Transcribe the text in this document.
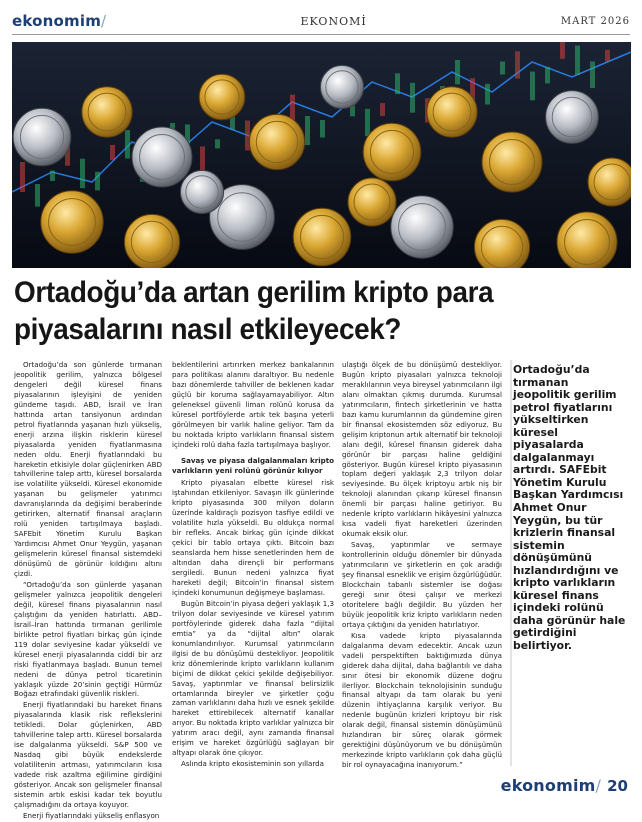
ekonomim/	EKONOMİ	MART 2026
Ortadoğu’da artan gerilim kripto para
piyasalarını nasıl etkileyecek?

Ortadoğu’da son günlerde tırmanan jeopolitik gerilim, yalnızca bölgesel dengeleri değil küresel finans piyasalarının işleyişini de yeniden gündeme taşıdı. ABD, İsrail ve İran hattında artan tansiyonun ardından petrol fiyatlarında yaşanan hızlı yükseliş, enerji arzına ilişkin risklerin küresel piyasalarda yeniden fiyatlanmasına neden oldu. Enerji fiyatlarındaki bu hareketin etkisiyle dolar güçlenirken ABD tahvillerine talep arttı, küresel borsalarda ise volatilite yükseldi. Küresel ekonomide yaşanan bu gelişmeler yatırımcı davranışlarında da değişimi beraberinde getirirken, alternatif finansal araçların rolü yeniden tartışılmaya başladı. SAFEbit Yönetim Kurulu Başkan Yardımcısı Ahmet Onur Yeygün, yaşanan gelişmelerin küresel finansal sistemdeki dönüşümü de görünür kıldığını altını çizdi.

“Ortadoğu’da son günlerde yaşanan gelişmeler yalnızca jeopolitik dengeleri değil, küresel finans piyasalarının nasıl çalıştığını da yeniden hatırlattı. ABD–İsrail–İran hattında tırmanan gerilimle birlikte petrol fiyatları birkaç gün içinde 119 dolar seviyesine kadar yükseldi ve küresel enerji piyasalarında ciddi bir arz riski fiyatlanmaya başladı. Bunun temel nedeni de dünya petrol ticaretinin yaklaşık yüzde 20’sinin geçtiği Hürmüz Boğazı etrafındaki güvenlik riskleri.

Enerji fiyatlarındaki bu hareket finans piyasalarında klasik risk reflekslerini tetikledi. Dolar güçlenirken, ABD tahvillerine talep arttı. Küresel borsalarda ise dalgalanma yükseldi. S&P 500 ve Nasdaq gibi büyük endekslerde volatilitenin artması, yatırımcıların kısa vadede risk azaltma eğilimine girdiğini gösteriyor. Ancak son gelişmeler finansal sistemin artık eskisi kadar tek boyutlu çalışmadığını da ortaya koyuyor.

Enerji fiyatlarındaki yükseliş enflasyon

beklentilerini artırırken merkez bankalarının para politikası alanını daraltıyor. Bu nedenle bazı dönemlerde tahviller de beklenen kadar güçlü bir koruma sağlayamayabiliyor. Altın geleneksel güvenli liman rolünü korusa da küresel portföylerde artık tek başına yeterli görülmeyen bir varlık haline geliyor. Tam da bu noktada kripto varlıkların finansal sistem içindeki rolü daha fazla tartışılmaya başlıyor.

Savaş ve piyasa dalgalanmaları kripto varlıkların yeni rolünü görünür kılıyor

Kripto piyasaları elbette küresel risk iştahından etkileniyor. Savaşın ilk günlerinde kripto piyasasında 300 milyon doların üzerinde kaldıraçlı pozisyon tasfiye edildi ve volatilite hızla yükseldi. Bu oldukça normal bir refleks. Ancak birkaç gün içinde dikkat çekici bir tablo ortaya çıktı. Bitcoin bazı seanslarda hem hisse senetlerinden hem de altından daha dirençli bir performans sergiledi. Bunun nedeni yalnızca fiyat hareketi değil; Bitcoin’in finansal sistem içindeki konumunun değişmeye başlaması.

Bugün Bitcoin’in piyasa değeri yaklaşık 1,3 trilyon dolar seviyesinde ve küresel yatırım portföylerinde giderek daha fazla “dijital emtia” ya da “dijital altın” olarak konumlandırılıyor. Kurumsal yatırımcıların ilgisi de bu dönüşümü destekliyor. Jeopolitik kriz dönemlerinde kripto varlıkların kullanım biçimi de dikkat çekici şekilde değişebiliyor. Savaş, yaptırımlar ve finansal belirsizlik ortamlarında bireyler ve şirketler çoğu zaman varlıklarını daha hızlı ve esnek şekilde hareket ettirebilecek alternatif kanallar arıyor. Bu noktada kripto varlıklar yalnızca bir yatırım aracı değil, aynı zamanda finansal erişim ve hareket özgürlüğü sağlayan bir altyapı olarak öne çıkıyor.

Aslında kripto ekosisteminin son yıllarda

ulaştığı ölçek de bu dönüşümü destekliyor. Bugün kripto piyasaları yalnızca teknoloji meraklılarının veya bireysel yatırımcıların ilgi alanı olmaktan çıkmış durumda. Kurumsal yatırımcıların, fintech şirketlerinin ve hatta bazı kamu kurumlarının da gündemine giren bir finansal ekosistemden söz ediyoruz. Bu gelişim kriptonun artık alternatif bir teknoloji alanı değil, küresel finansın giderek daha görünür bir parçası haline geldiğini gösteriyor. Bugün küresel kripto piyasasının toplam değeri yaklaşık 2,3 trilyon dolar seviyesinde. Bu ölçek kriptoyu artık niş bir teknoloji alanından çıkarıp küresel finansın önemli bir parçası haline getiriyor. Bu nedenle kripto varlıkların hikâyesini yalnızca kısa vadeli fiyat hareketleri üzerinden okumak eksik olur.

Savaş, yaptırımlar ve sermaye kontrollerinin olduğu dönemler bir dünyada yatırımcıların ve şirketlerin en çok aradığı şey finansal esneklik ve erişim özgürlüğüdür. Blockchain tabanlı sistemler ise doğası gereği sınır ötesi çalışır ve merkezi otoritelere bağlı değildir. Bu yüzden her büyük jeopolitik kriz kripto varlıkların neden ortaya çıktığını da yeniden hatırlatıyor.

Kısa vadede kripto piyasalarında dalgalanma devam edecektir. Ancak uzun vadeli perspektiften baktığımızda dünya giderek daha dijital, daha bağlantılı ve daha sınır ötesi bir ekonomik düzene doğru ilerliyor. Blockchain teknolojisinin sunduğu finansal altyapı da tam olarak bu yeni düzenin ihtiyaçlarına karşılık veriyor. Bu nedenle bugünün krizleri kriptoyu bir risk olarak değil, finansal sistemin dönüşümünü hızlandıran bir süreç olarak görmek gerektiğini düşünüyorum ve bu dönüşümün merkezinde kripto varlıkların çok daha güçlü bir rol oynayacağına inanıyorum.”

Ortadoğu’da tırmanan jeopolitik gerilim petrol fiyatlarını yükseltirken küresel piyasalarda dalgalanmayı artırdı. SAFEbit Yönetim Kurulu Başkan Yardımcısı Ahmet Onur Yeygün, bu tür krizlerin finansal sistemin dönüşümünü hızlandırdığını ve kripto varlıkların küresel finans içindeki rolünü daha görünür hale getirdiğini belirtiyor.
ekonomim/ 20
